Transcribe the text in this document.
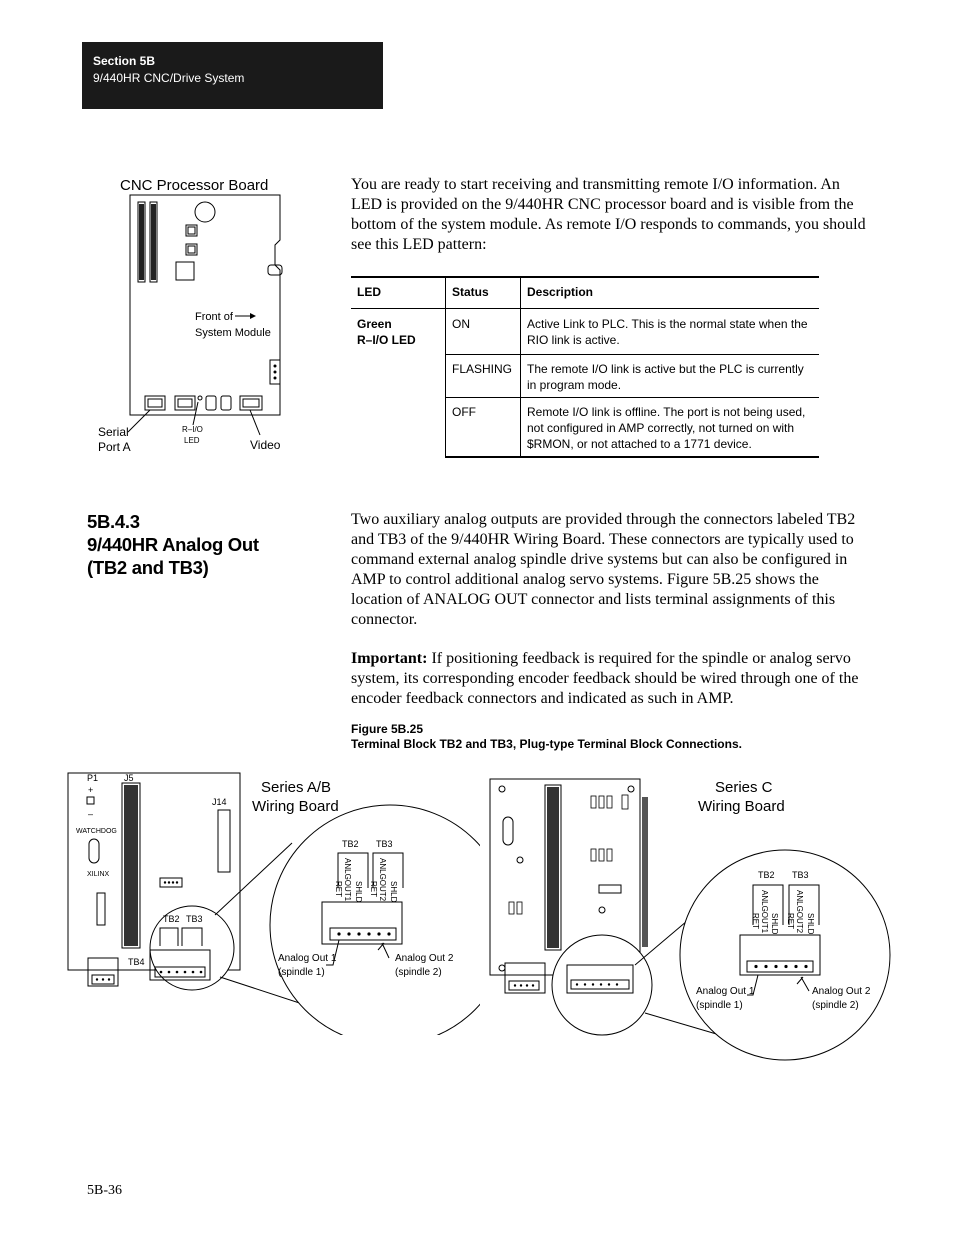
Section 5B
9/440HR CNC/Drive System
CNC Processor Board
Front of
System Module
Serial
Port A
R–I/O
LED	Video
You are ready to start receiving and transmitting remote I/O information. An LED is provided on the 9/440HR CNC processor board and is visible from the bottom of the system module. As remote I/O responds to commands, you should see this LED pattern:
LED	Status	Description

Green
R–I/O LED	ON	Active Link to PLC. This is the normal state when the RIO link is active.
	FLASHING	The remote I/O link is active but the PLC is currently in program mode.
	OFF	Remote I/O link is offline. The port is not being used, not configured in AMP correctly, not turned on with $RMON, or not attached to a 1771 device.
5B.4.3
9/440HR Analog Out
(TB2 and TB3)
Two auxiliary analog outputs are provided through the connectors labeled TB2 and TB3 of the 9/440HR Wiring Board. These connectors are typically used to command external analog spindle drive systems but can also be configured in AMP to control additional analog servo systems. Figure 5B.25 shows the location of ANALOG OUT connector and lists terminal assignments of this connector.
Important: If positioning feedback is required for the spindle or analog servo system, its corresponding encoder feedback should be wired through one of the encoder feedback connectors and indicated as such in AMP.
Figure 5B.25
Terminal Block TB2 and TB3, Plug-type Terminal Block Connections.
P1
+
–
J5
WATCHDOG
XILINX
J14
TB4
TB2 TB3
TB2 TB3
ANLGOUT1
RET SHLD ANLGOUT2
RET SHLD
Analog Out 1
(spindle 1)
Analog Out 2
(spindle 2)
Series A/B
Wiring Board
TB2 TB3
ANLGOUT1
RET SHLD ANLGOUT2
RET SHLD
Analog Out 1
(spindle 1)
Analog Out 2
(spindle 2)
Series C
Wiring Board
5B-36
